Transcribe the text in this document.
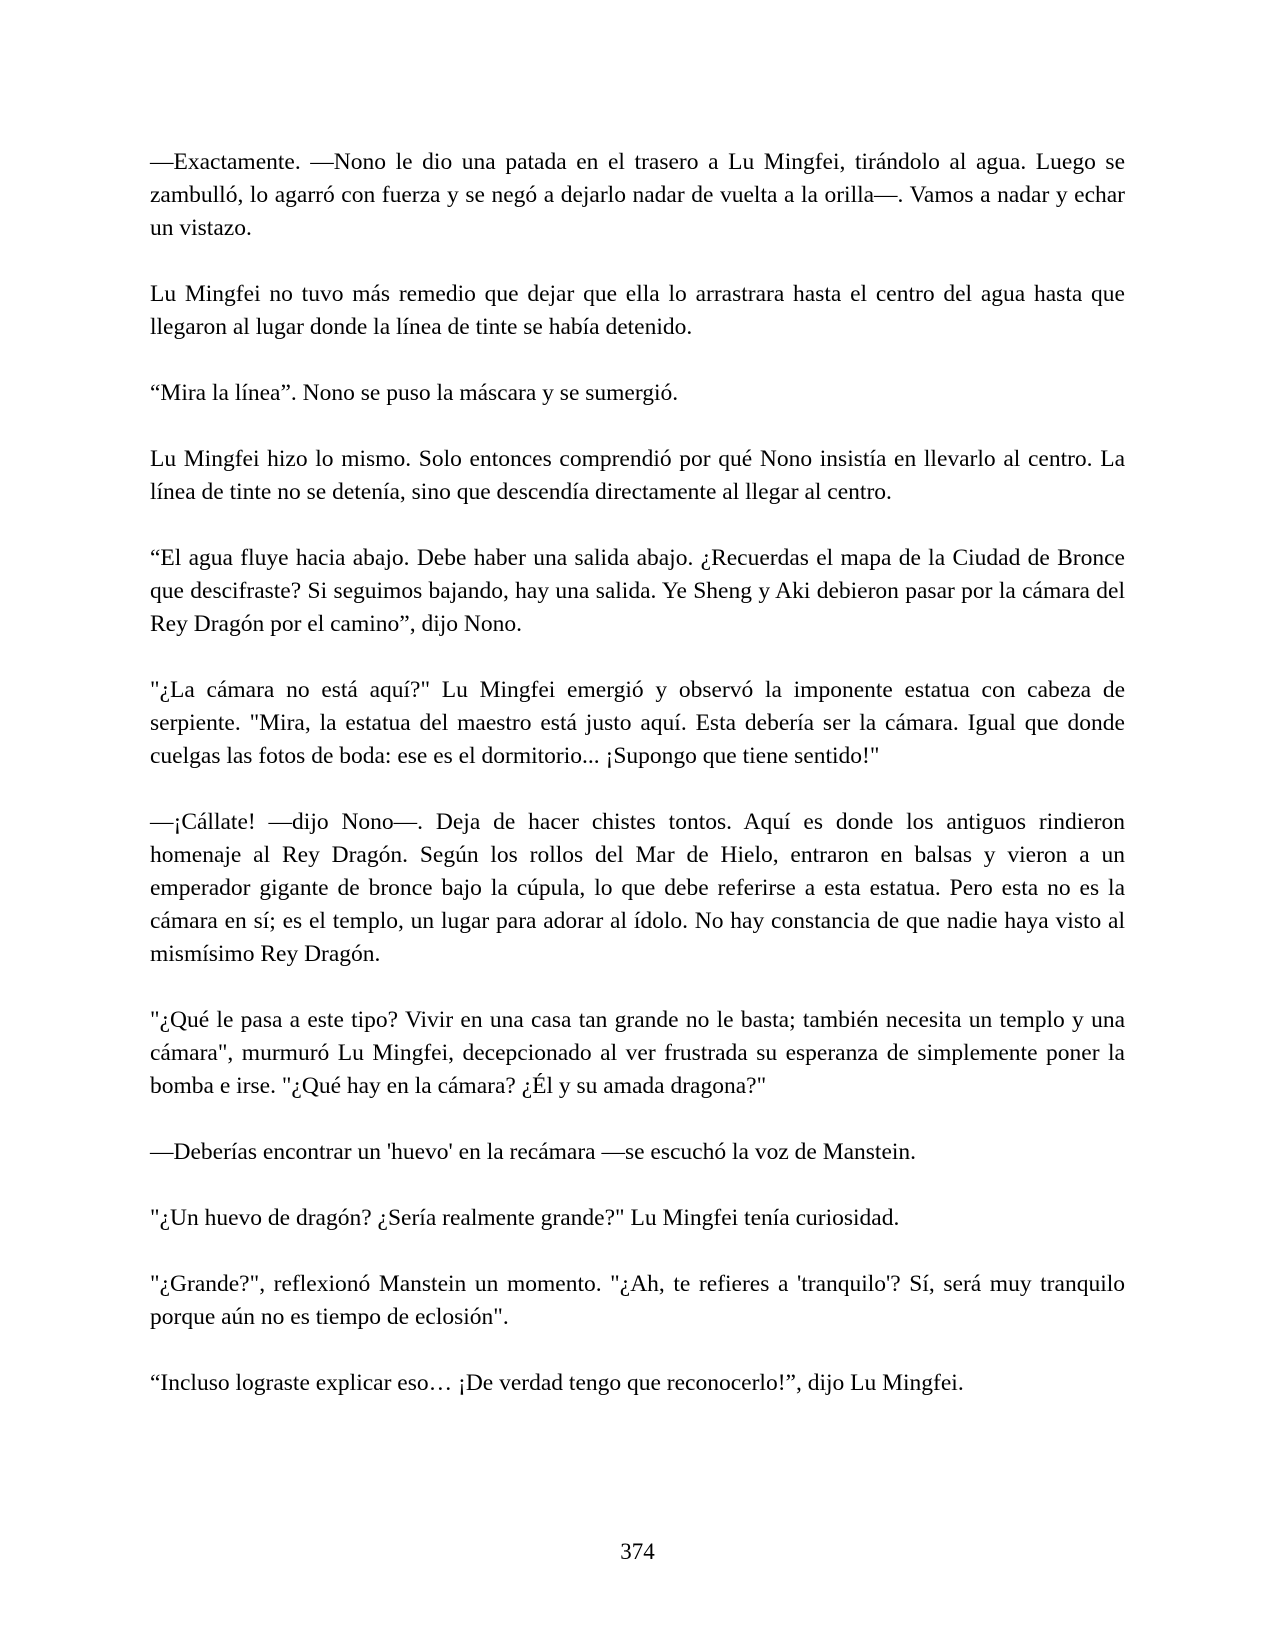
—Exactamente. —Nono le dio una patada en el trasero a Lu Mingfei, tirándolo al agua. Luego se zambulló, lo agarró con fuerza y se negó a dejarlo nadar de vuelta a la orilla—. Vamos a nadar y echar un vistazo.

Lu Mingfei no tuvo más remedio que dejar que ella lo arrastrara hasta el centro del agua hasta que llegaron al lugar donde la línea de tinte se había detenido.

“Mira la línea”. Nono se puso la máscara y se sumergió.

Lu Mingfei hizo lo mismo. Solo entonces comprendió por qué Nono insistía en llevarlo al centro. La línea de tinte no se detenía, sino que descendía directamente al llegar al centro.

“El agua fluye hacia abajo. Debe haber una salida abajo. ¿Recuerdas el mapa de la Ciudad de Bronce que descifraste? Si seguimos bajando, hay una salida. Ye Sheng y Aki debieron pasar por la cámara del Rey Dragón por el camino”, dijo Nono.

"¿La cámara no está aquí?" Lu Mingfei emergió y observó la imponente estatua con cabeza de serpiente. "Mira, la estatua del maestro está justo aquí. Esta debería ser la cámara. Igual que donde cuelgas las fotos de boda: ese es el dormitorio... ¡Supongo que tiene sentido!"

—¡Cállate! —dijo Nono—. Deja de hacer chistes tontos. Aquí es donde los antiguos rindieron homenaje al Rey Dragón. Según los rollos del Mar de Hielo, entraron en balsas y vieron a un emperador gigante de bronce bajo la cúpula, lo que debe referirse a esta estatua. Pero esta no es la cámara en sí; es el templo, un lugar para adorar al ídolo. No hay constancia de que nadie haya visto al mismísimo Rey Dragón.

"¿Qué le pasa a este tipo? Vivir en una casa tan grande no le basta; también necesita un templo y una cámara", murmuró Lu Mingfei, decepcionado al ver frustrada su esperanza de simplemente poner la bomba e irse. "¿Qué hay en la cámara? ¿Él y su amada dragona?"

—Deberías encontrar un 'huevo' en la recámara —se escuchó la voz de Manstein.

"¿Un huevo de dragón? ¿Sería realmente grande?" Lu Mingfei tenía curiosidad.

"¿Grande?", reflexionó Manstein un momento. "¿Ah, te refieres a 'tranquilo'? Sí, será muy tranquilo porque aún no es tiempo de eclosión".

“Incluso lograste explicar eso… ¡De verdad tengo que reconocerlo!”, dijo Lu Mingfei.

374
